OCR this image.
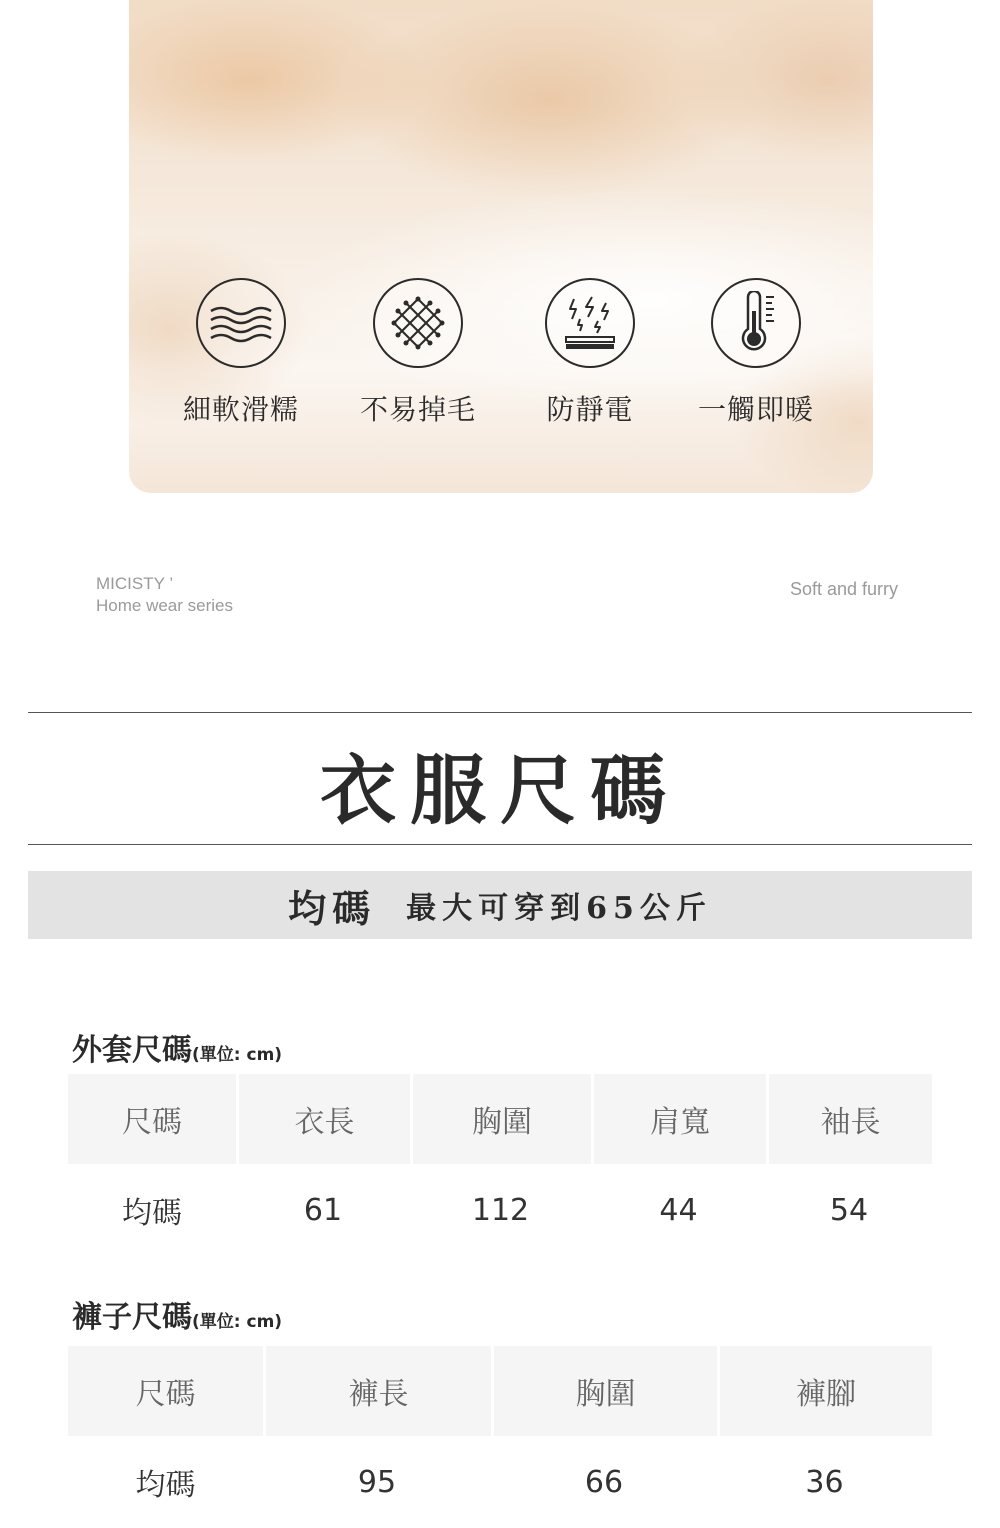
細軟滑糯 不易掉毛	防靜電	一觸即暖
MICISTY ’
Home wear series
Soft and furry
衣服尺碼
均碼 最大可穿到65公斤
外套尺碼(單位: cm)
尺碼	衣長	胸圍	肩寬	袖長
均碼	61	112	44	54
褲子尺碼(單位: cm)
尺碼	褲長	胸圍	褲腳
均碼	95	66	36
